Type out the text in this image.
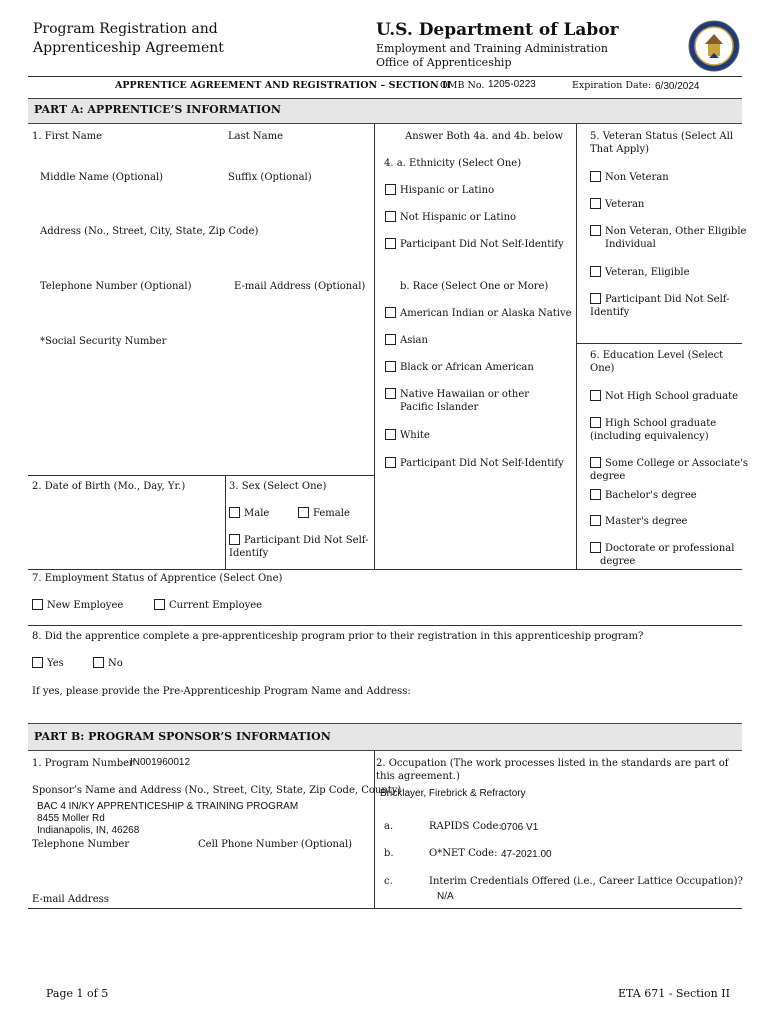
Program Registration and
Apprenticeship Agreement
U.S. Department of Labor
Employment and Training Administration
Office of Apprenticeship
APPRENTICE AGREEMENT AND REGISTRATION – SECTION II
OMB No. 1205-0223	Expiration Date: 6/30/2024
PART A: APPRENTICE’S INFORMATION
1. First Name	Last Name
Middle Name (Optional)	Suffix (Optional)
Address (No., Street, City, State, Zip Code)
Telephone Number (Optional)	E-mail Address (Optional)
*Social Security Number
2. Date of Birth (Mo., Day, Yr.)	3. Sex (Select One)
Male	Female
Participant Did Not Self-
Identify
Answer Both 4a. and 4b. below
4. a. Ethnicity (Select One)
Hispanic or Latino
Not Hispanic or Latino
Participant Did Not Self-Identify
b. Race (Select One or More)
American Indian or Alaska Native
Asian
Black or African American
Native Hawaiian or other
Pacific Islander
White
Participant Did Not Self-Identify
5. Veteran Status (Select All
That Apply)
Non Veteran
Veteran
Non Veteran, Other Eligible
Individual
Veteran, Eligible
Participant Did Not Self-
Identify
6. Education Level (Select
One)
Not High School graduate
High School graduate
(including equivalency)
Some College or Associate's
degree
Bachelor's degree
Master's degree
Doctorate or professional
degree
7. Employment Status of Apprentice (Select One)
New Employee	Current Employee
8. Did the apprentice complete a pre-apprenticeship program prior to their registration in this apprenticeship program?
Yes	No
If yes, please provide the Pre-Apprenticeship Program Name and Address:
PART B: PROGRAM SPONSOR’S INFORMATION
1. Program Number
IN001960012
Sponsor’s Name and Address (No., Street, City, State, Zip Code, County)
BAC 4 IN/KY APPRENTICESHIP & TRAINING PROGRAM
8455 Moller Rd
Indianapolis, IN, 46268
Telephone Number	Cell Phone Number (Optional)
E-mail Address
2. Occupation (The work processes listed in the standards are part of
this agreement.)
Bricklayer, Firebrick & Refractory
a.	RAPIDS Code: 0706 V1
b.	O*NET Code: 47-2021.00
c.	Interim Credentials Offered (i.e., Career Lattice Occupation)?
N/A
Page 1 of 5	ETA 671 - Section II
